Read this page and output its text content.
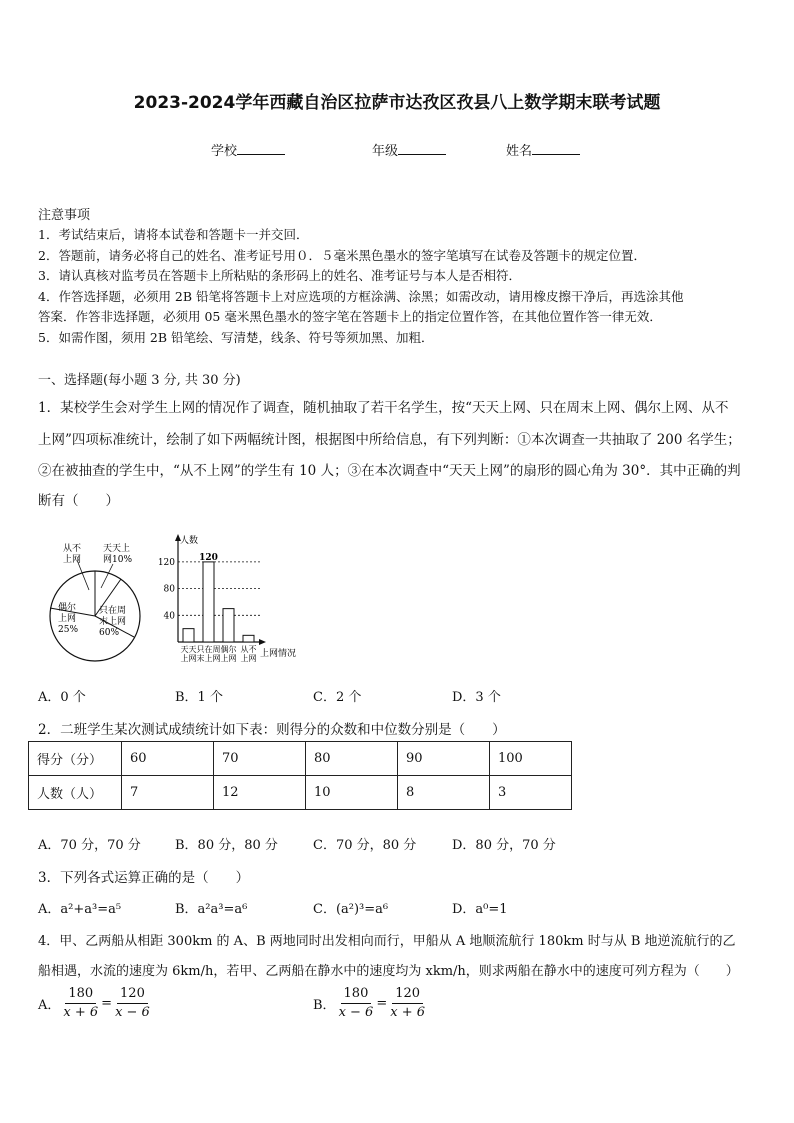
2023-2024学年西藏自治区拉萨市达孜区孜县八上数学期末联考试题
学校	年级	姓名
注意事项
1．考试结束后，请将本试卷和答题卡一并交回．
2．答题前，请务必将自己的姓名、准考证号用０．５毫米黑色墨水的签字笔填写在试卷及答题卡的规定位置．
3．请认真核对监考员在答题卡上所粘贴的条形码上的姓名、准考证号与本人是否相符．
4．作答选择题，必须用 2B 铅笔将答题卡上对应选项的方框涂满、涂黑；如需改动，请用橡皮擦干净后，再选涂其他
答案．作答非选择题，必须用 05 毫米黑色墨水的签字笔在答题卡上的指定位置作答，在其他位置作答一律无效．
5．如需作图，须用 2B 铅笔绘、写清楚，线条、符号等须加黑、加粗．
一、选择题(每小题 3 分, 共 30 分)
1．某校学生会对学生上网的情况作了调查，随机抽取了若干名学生，按“天天上网、只在周末上网、偶尔上网、从不
上网”四项标准统计，绘制了如下两幅统计图，根据图中所给信息，有下列判断：①本次调查一共抽取了 200 名学生；
②在被抽查的学生中，“从不上网”的学生有 10 人；③在本次调查中“天天上网”的扇形的圆心角为 30°．其中正确的判
断有（　　）
从不
上网
天天上
网10%
偶尔
上网
25%
只在周
末上网
60%
人数
上网情况
40
80
120
天天
上网
只在周
末上网
偶尔
上网
从不
上网
120
A．0 个	B．1 个	C．2 个	D．3 个
2．二班学生某次测试成绩统计如下表：则得分的众数和中位数分别是（　　）
得分（分）	60	70	80	90	100
人数（人）	7	12	10	8	3
A．70 分，70 分	B．80 分，80 分	C．70 分，80 分	D．80 分，70 分
3．下列各式运算正确的是（　　）
A．a²+a³=a⁵	B．a²a³=a⁶	C．(a²)³=a⁶	D．a⁰=1
4．甲、乙两船从相距 300km 的 A、B 两地同时出发相向而行，甲船从 A 地顺流航行 180km 时与从 B 地逆流航行的乙
船相遇，水流的速度为 6km/h，若甲、乙两船在静水中的速度均为 xkm/h，则求两船在静水中的速度可列方程为（　　）
A． $\frac{180}{x + 6} = \frac{120}{x - 6}$	B． $\frac{180}{x - 6} = \frac{120}{x + 6}$
